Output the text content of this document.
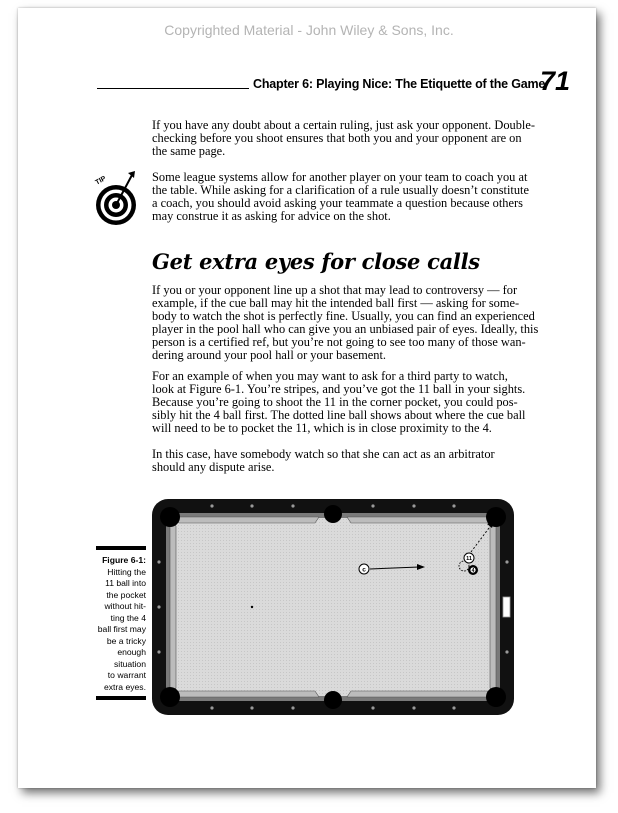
Copyrighted Material - John Wiley & Sons, Inc.
Chapter 6: Playing Nice: The Etiquette of the Game
71
If you have any doubt about a certain ruling, just ask your opponent. Double-
checking before you shoot ensures that both you and your opponent are on
the same page.
TIP	Some league systems allow for another player on your team to coach you at
the table. While asking for a clarification of a rule usually doesn’t constitute
a coach, you should avoid asking your teammate a question because others
may construe it as asking for advice on the shot.
Get extra eyes for close calls
If you or your opponent line up a shot that may lead to controversy — for
example, if the cue ball may hit the intended ball first — asking for some-
body to watch the shot is perfectly fine. Usually, you can find an experienced
player in the pool hall who can give you an unbiased pair of eyes. Ideally, this
person is a certified ref, but you’re not going to see too many of those wan-
dering around your pool hall or your basement.
For an example of when you may want to ask for a third party to watch,
look at Figure 6-1. You’re stripes, and you’ve got the 11 ball in your sights.
Because you’re going to shoot the 11 in the corner pocket, you could pos-
sibly hit the 4 ball first. The dotted line ball shows about where the cue ball
will need to be to pocket the 11, which is in close proximity to the 4.
In this case, have somebody watch so that she can act as an arbitrator
should any dispute arise.
Figure 6-1:
Hitting the
11 ball into
the pocket
without hit-
ting the 4
ball first may
be a tricky
enough
situation
to warrant
extra eyes.
c
11
4
